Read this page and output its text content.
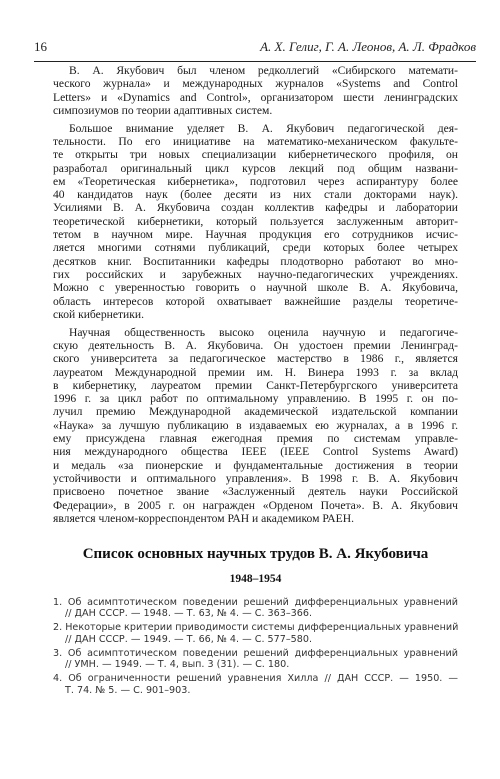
16	А. Х. Гелиг, Г. А. Леонов, А. Л. Фрадков
В. А. Якубович был членом редколлегий «Сибирского математи-
ческого журнала» и международных журналов «Systems and Control
Letters» и «Dynamics and Control», организатором шести ленинградских
симпозиумов по теории адаптивных систем.
Большое внимание уделяет В. А. Якубович педагогической дея-
тельности. По его инициативе на математико-механическом факульте-
те открыты три новых специализации кибернетического профиля, он
разработал оригинальный цикл курсов лекций под общим названи-
ем «Теоретическая кибернетика», подготовил через аспирантуру более
40 кандидатов наук (более десяти из них стали докторами наук).
Усилиями В. А. Якубовича создан коллектив кафедры и лаборатории
теоретической кибернетики, который пользуется заслуженным авторит-
тетом в научном мире. Научная продукция его сотрудников исчис-
ляется многими сотнями публикаций, среди которых более четырех
десятков книг. Воспитанники кафедры плодотворно работают во мно-
гих российских и зарубежных научно-педагогических учреждениях.
Можно с уверенностью говорить о научной школе В. А. Якубовича,
область интересов которой охватывает важнейшие разделы теоретиче-
ской кибернетики.
Научная общественность высоко оценила научную и педагогиче-
скую деятельность В. А. Якубовича. Он удостоен премии Ленинград-
ского университета за педагогическое мастерство в 1986 г., является
лауреатом Международной премии им. Н. Винера 1993 г. за вклад
в кибернетику, лауреатом премии Санкт-Петербургского университета
1996 г. за цикл работ по оптимальному управлению. В 1995 г. он по-
лучил премию Международной академической издательской компании
«Наука» за лучшую публикацию в издаваемых ею журналах, а в 1996 г.
ему присуждена главная ежегодная премия по системам управле-
ния международного общества IEEE (IEEE Control Systems Award)
и медаль «за пионерские и фундаментальные достижения в теории
устойчивости и оптимального управления». В 1998 г. В. А. Якубович
присвоено почетное звание «Заслуженный деятель науки Российской
Федерации», в 2005 г. он награжден «Орденом Почета». В. А. Якубович
является членом-корреспондентом РАН и академиком РАЕН.
Список основных научных трудов В. А. Якубовича
1948–1954
1. Об асимптотическом поведении решений дифференциальных уравнений
// ДАН СССР. — 1948. — Т. 63, № 4. — С. 363–366.
2. Некоторые критерии приводимости системы дифференциальных уравнений
// ДАН СССР. — 1949. — Т. 66, № 4. — С. 577–580.
3. Об асимптотическом поведении решений дифференциальных уравнений
// УМН. — 1949. — Т. 4, вып. 3 (31). — С. 180.
4. Об ограниченности решений уравнения Хилла // ДАН СССР. — 1950. —
Т. 74. № 5. — С. 901–903.
